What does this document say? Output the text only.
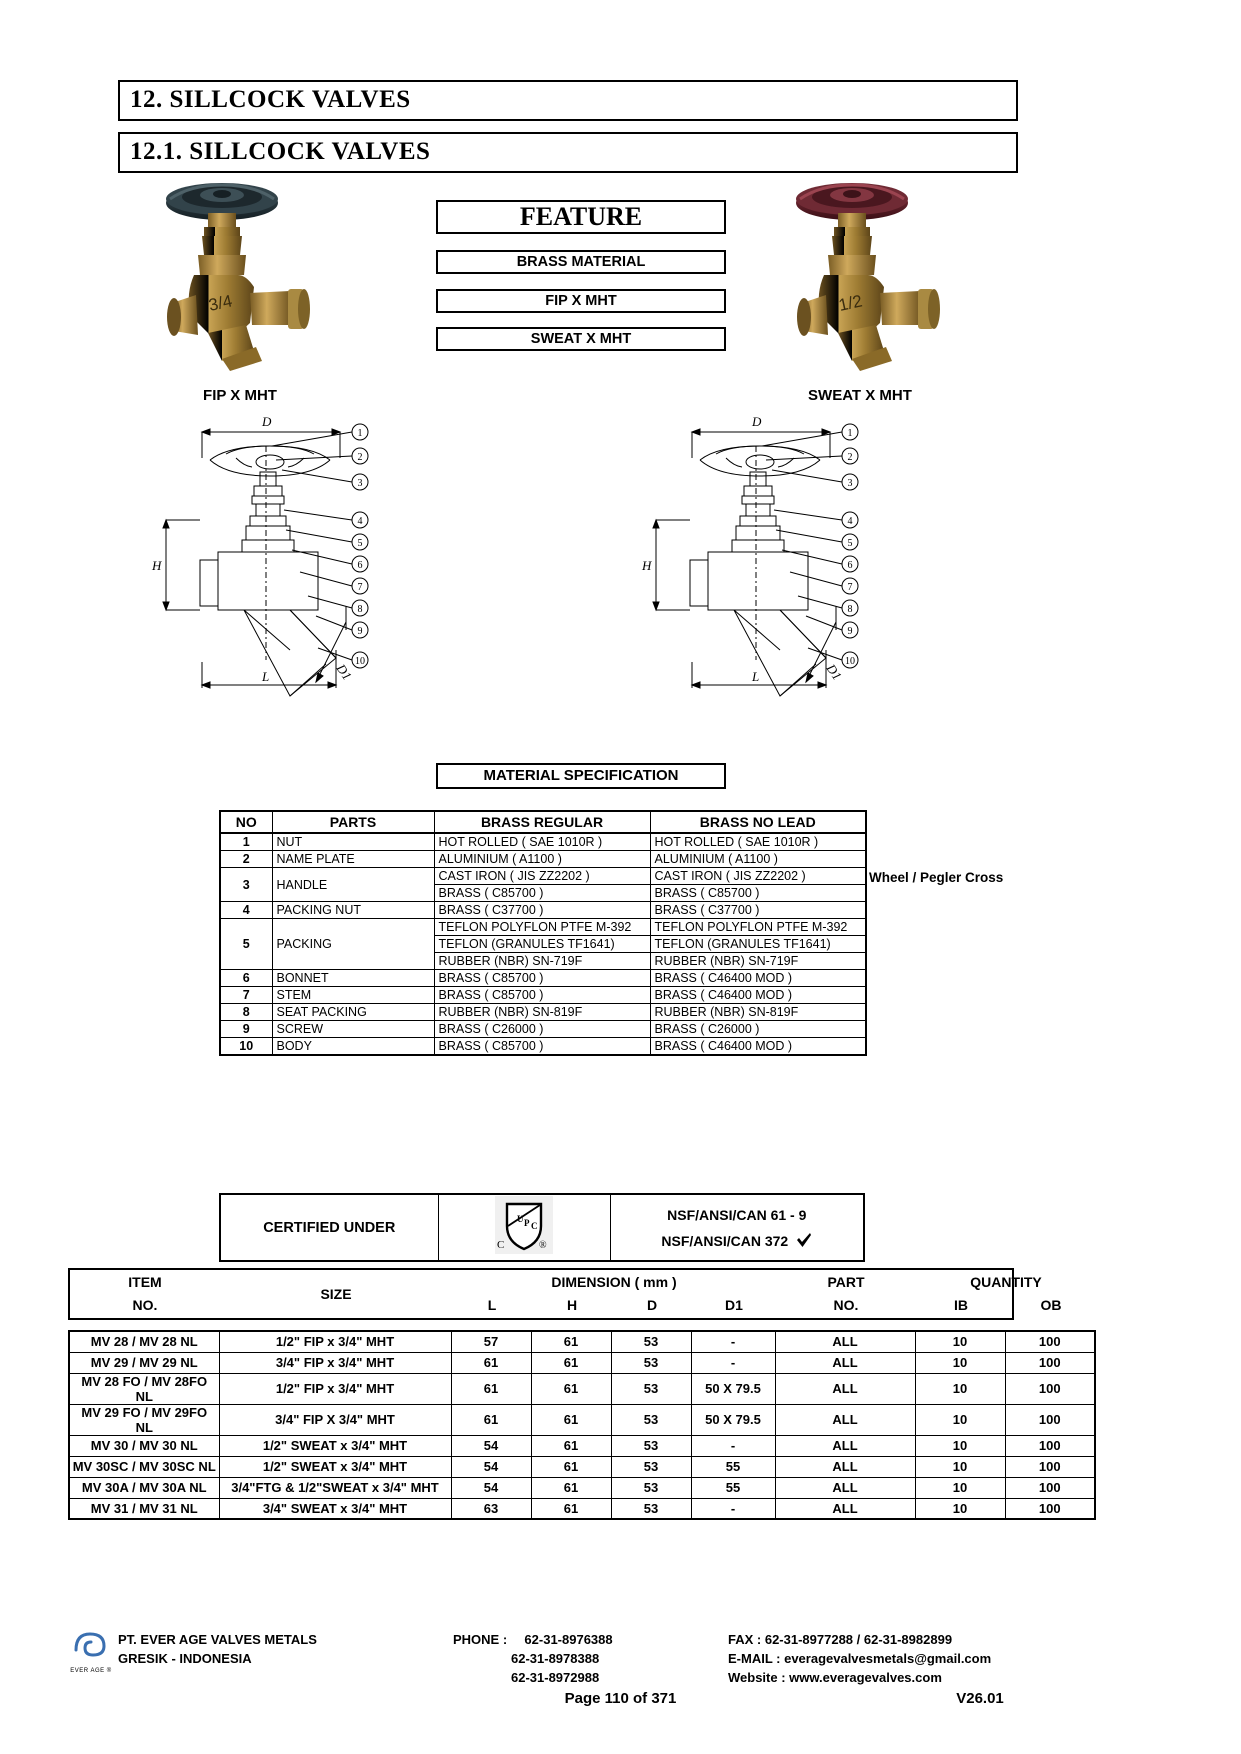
12. SILLCOCK VALVES
12.1. SILLCOCK VALVES
FEATURE
BRASS MATERIAL
FIP X MHT
SWEAT X MHT
3/4
FIP X MHT
1/2
SWEAT X MHT
D
H
L	D1
1
2
3
4
5
6
7
8
9
10
D
H
L	D1
1
2
3
4
5
6
7
8
9
10
MATERIAL SPECIFICATION
NO	PARTS	BRASS REGULAR	BRASS NO LEAD
1	NUT	HOT ROLLED ( SAE 1010R )	HOT ROLLED ( SAE 1010R )
2	NAME PLATE	ALUMINIUM ( A1100 )	ALUMINIUM ( A1100 )
3	HANDLE	CAST IRON ( JIS ZZ2202 )	CAST IRON ( JIS ZZ2202 )
		BRASS ( C85700 )	BRASS ( C85700 )
4	PACKING NUT	BRASS ( C37700 )	BRASS ( C37700 )
5	PACKING	TEFLON POLYFLON PTFE M-392	TEFLON POLYFLON PTFE M-392
		TEFLON (GRANULES TF1641)	TEFLON (GRANULES TF1641)
		RUBBER (NBR) SN-719F	RUBBER (NBR) SN-719F
6	BONNET	BRASS ( C85700 )	BRASS ( C46400 MOD )
7	STEM	BRASS ( C85700 )	BRASS ( C46400 MOD )
8	SEAT PACKING	RUBBER (NBR) SN-819F	RUBBER (NBR) SN-819F
9	SCREW	BRASS ( C26000 )	BRASS ( C26000 )
10	BODY	BRASS ( C85700 )	BRASS ( C46400 MOD )
Wheel / Pegler Cross
CERTIFIED UNDER	
U P C
C	®

NSF/ANSI/CAN 61 - 9
NSF/ANSI/CAN 372
ITEM
NO.
SIZE
DIMENSION ( mm )
L	H	D	D1
PART
NO.
QUANTITY
IB	OB
MV 28 / MV 28 NL	1/2" FIP x 3/4" MHT	57	61	53	-	ALL	10	100
MV 29 / MV 29 NL	3/4" FIP x 3/4" MHT	61	61	53	-	ALL	10	100
MV 28 FO / MV 28FO NL	1/2" FIP x 3/4" MHT	61	61	53	50 X 79.5	ALL	10	100
MV 29 FO / MV 29FO NL	3/4" FIP X 3/4" MHT	61	61	53	50 X 79.5	ALL	10	100
MV 30 / MV 30 NL	1/2" SWEAT x 3/4" MHT	54	61	53	-	ALL	10	100
MV 30SC / MV 30SC NL	1/2" SWEAT x 3/4" MHT	54	61	53	55	ALL	10	100
MV 30A / MV 30A NL	3/4"FTG & 1/2"SWEAT x 3/4" MHT	54	61	53	55	ALL	10	100
MV 31 / MV 31 NL	3/4" SWEAT x 3/4" MHT	63	61	53	-	ALL	10	100
EVER AGE ®
PT. EVER AGE VALVES METALS
GRESIK - INDONESIA
PHONE : 62-31-8976388
62-31-8978388
62-31-8972988
FAX : 62-31-8977288 / 62-31-8982899
E-MAIL : everagevalvesmetals@gmail.com
Website : www.everagevalves.com
Page 110 of 371	V26.01
